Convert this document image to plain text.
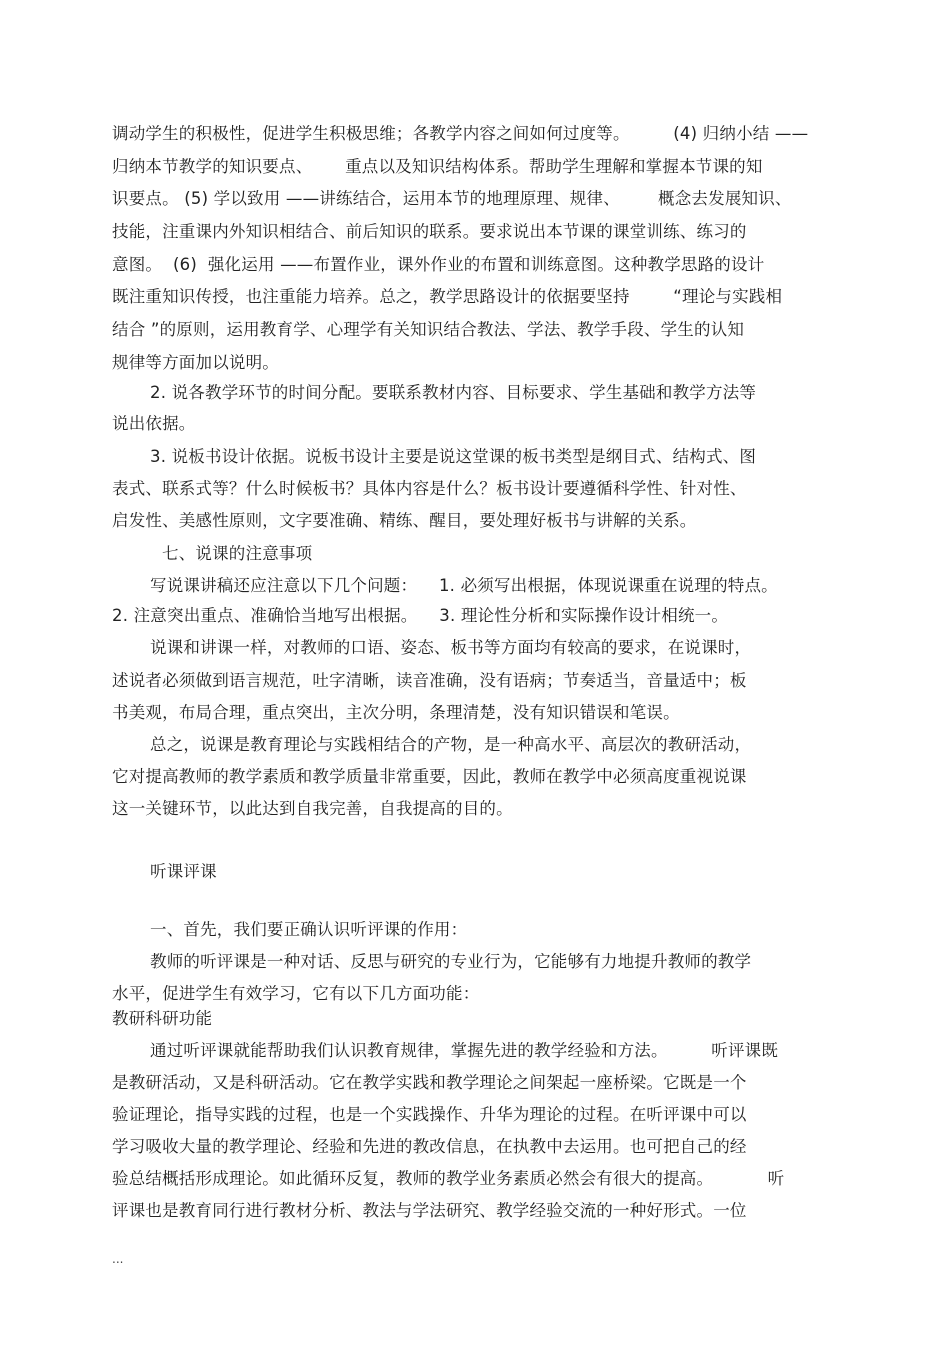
调动学生的积极性，促进学生积极思维；各教学内容之间如何过度等。        (4) 归纳小结 ——
归纳本节教学的知识要点、      重点以及知识结构体系。帮助学生理解和掌握本节课的知
识要点。 (5) 学以致用 ——讲练结合，运用本节的地理原理、规律、       概念去发展知识、
技能，注重课内外知识相结合、前后知识的联系。要求说出本节课的课堂训练、练习的
意图。  (6)  强化运用 ——布置作业，课外作业的布置和训练意图。这种教学思路的设计
既注重知识传授，也注重能力培养。总之，教学思路设计的依据要坚持        “理论与实践相
结合 ”的原则，运用教育学、心理学有关知识结合教法、学法、教学手段、学生的认知
规律等方面加以说明。
2. 说各教学环节的时间分配。要联系教材内容、目标要求、学生基础和教学方法等
说出依据。
3. 说板书设计依据。说板书设计主要是说这堂课的板书类型是纲目式、结构式、图
表式、联系式等？什么时候板书？具体内容是什么？板书设计要遵循科学性、针对性、
启发性、美感性原则，文字要准确、精练、醒目，要处理好板书与讲解的关系。
七、说课的注意事项
写说课讲稿还应注意以下几个问题：    1. 必须写出根据，体现说课重在说理的特点。
2. 注意突出重点、准确恰当地写出根据。    3. 理论性分析和实际操作设计相统一。
说课和讲课一样，对教师的口语、姿态、板书等方面均有较高的要求，在说课时，
述说者必须做到语言规范，吐字清晰，读音准确，没有语病；节奏适当，音量适中；板
书美观，布局合理，重点突出，主次分明，条理清楚，没有知识错误和笔误。
总之，说课是教育理论与实践相结合的产物，是一种高水平、高层次的教研活动，
它对提高教师的教学素质和教学质量非常重要，因此，教师在教学中必须高度重视说课
这一关键环节，以此达到自我完善，自我提高的目的。
听课评课
一、首先，我们要正确认识听评课的作用：
教师的听评课是一种对话、反思与研究的专业行为，它能够有力地提升教师的教学
水平，促进学生有效学习，它有以下几方面功能：
教研科研功能
通过听评课就能帮助我们认识教育规律，掌握先进的教学经验和方法。        听评课既
是教研活动，又是科研活动。它在教学实践和教学理论之间架起一座桥梁。它既是一个
验证理论，指导实践的过程，也是一个实践操作、升华为理论的过程。在听评课中可以
学习吸收大量的教学理论、经验和先进的教改信息，在执教中去运用。也可把自己的经
验总结概括形成理论。如此循环反复，教师的教学业务素质必然会有很大的提高。          听
评课也是教育同行进行教材分析、教法与学法研究、教学经验交流的一种好形式。一位
...
